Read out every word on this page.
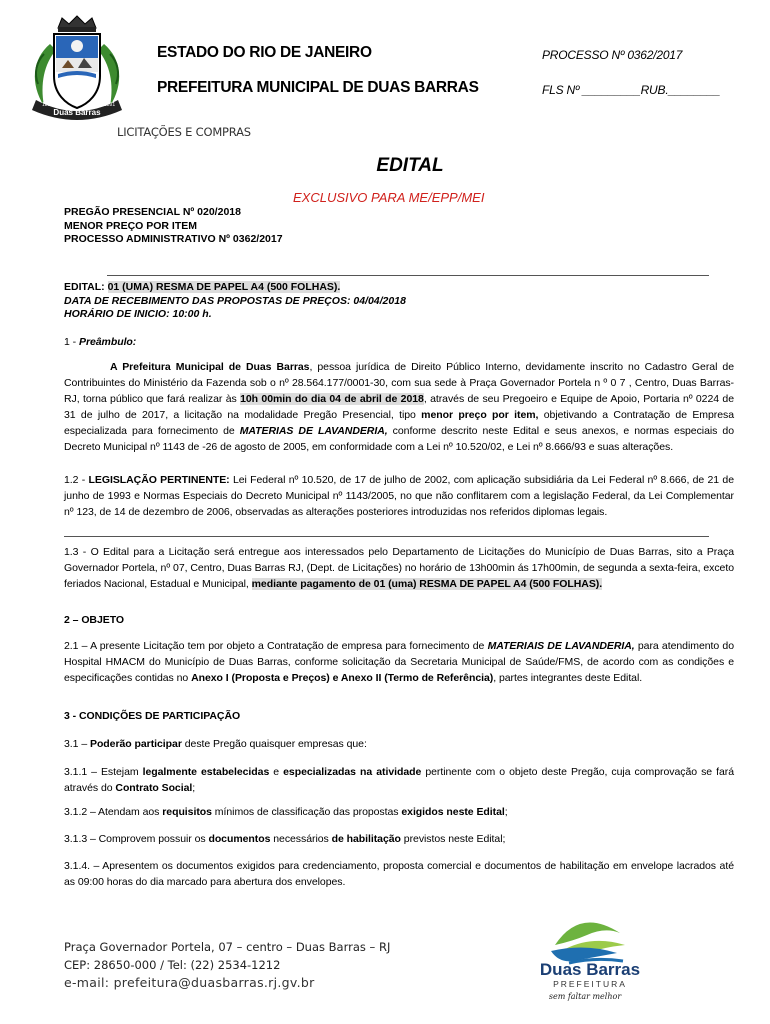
Duas Barras
1891	1891
ESTADO DO RIO DE JANEIRO
PREFEITURA MUNICIPAL DE DUAS BARRAS
PROCESSO Nº 0362/2017
FLS Nº _________RUB.________
LICITAÇÕES E COMPRAS
EDITAL
EXCLUSIVO PARA ME/EPP/MEI
PREGÃO PRESENCIAL Nº 020/2018
MENOR PREÇO POR ITEM
PROCESSO ADMINISTRATIVO Nº 0362/2017
EDITAL: 01 (UMA) RESMA DE PAPEL A4 (500 FOLHAS).
DATA DE RECEBIMENTO DAS PROPOSTAS DE PREÇOS: 04/04/2018
HORÁRIO DE INICIO: 10:00 h.
1 - Preâmbulo:
A Prefeitura Municipal de Duas Barras, pessoa jurídica de Direito Público Interno, devidamente inscrito no Cadastro Geral de Contribuintes do Ministério da Fazenda sob o nº 28.564.177/0001-30, com sua sede à Praça Governador Portela n º 0 7 , Centro, Duas Barras-RJ, torna público que fará realizar às 10h 00min do dia 04 de abril de 2018, através de seu Pregoeiro e Equipe de Apoio, Portaria nº 0224 de 31 de julho de 2017, a licitação na modalidade Pregão Presencial, tipo menor preço por item, objetivando a Contratação de Empresa especializada para fornecimento de MATERIAS DE LAVANDERIA, conforme descrito neste Edital e seus anexos, e normas especiais do Decreto Municipal nº 1143 de -26 de agosto de 2005, em conformidade com a Lei nº 10.520/02, e Lei nº 8.666/93 e suas alterações.
1.2 - LEGISLAÇÃO PERTINENTE: Lei Federal nº 10.520, de 17 de julho de 2002, com aplicação subsidiária da Lei Federal nº 8.666, de 21 de junho de 1993 e Normas Especiais do Decreto Municipal nº 1143/2005, no que não conflitarem com a legislação Federal, da Lei Complementar nº 123, de 14 de dezembro de 2006, observadas as alterações posteriores introduzidas nos referidos diplomas legais.
1.3 - O Edital para a Licitação será entregue aos interessados pelo Departamento de Licitações do Município de Duas Barras, sito a Praça Governador Portela, nº 07, Centro, Duas Barras RJ, (Dept. de Licitações) no horário de 13h00min ás 17h00min, de segunda a sexta-feira, exceto feriados Nacional, Estadual e Municipal, mediante pagamento de 01 (uma) RESMA DE PAPEL A4 (500 FOLHAS).
2 – OBJETO
2.1 – A presente Licitação tem por objeto a Contratação de empresa para fornecimento de MATERIAIS DE LAVANDERIA, para atendimento do Hospital HMACM do Município de Duas Barras, conforme solicitação da Secretaria Municipal de Saúde/FMS, de acordo com as condições e especificações contidas no Anexo I (Proposta e Preços) e Anexo II (Termo de Referência), partes integrantes deste Edital.
3 - CONDIÇÕES DE PARTICIPAÇÃO
3.1 – Poderão participar deste Pregão quaisquer empresas que:
3.1.1 – Estejam legalmente estabelecidas e especializadas na atividade pertinente com o objeto deste Pregão, cuja comprovação se fará através do Contrato Social;
3.1.2 – Atendam aos requisitos mínimos de classificação das propostas exigidos neste Edital;
3.1.3 – Comprovem possuir os documentos necessários de habilitação previstos neste Edital;
3.1.4. – Apresentem os documentos exigidos para credenciamento, proposta comercial e documentos de habilitação em envelope lacrados até as 09:00 horas do dia marcado para abertura dos envelopes.
Praça Governador Portela, 07 – centro – Duas Barras – RJ
CEP: 28650-000 / Tel: (22) 2534-1212
e-mail: prefeitura@duasbarras.rj.gv.br
Duas Barras
PREFEITURA
sem faltar melhor
